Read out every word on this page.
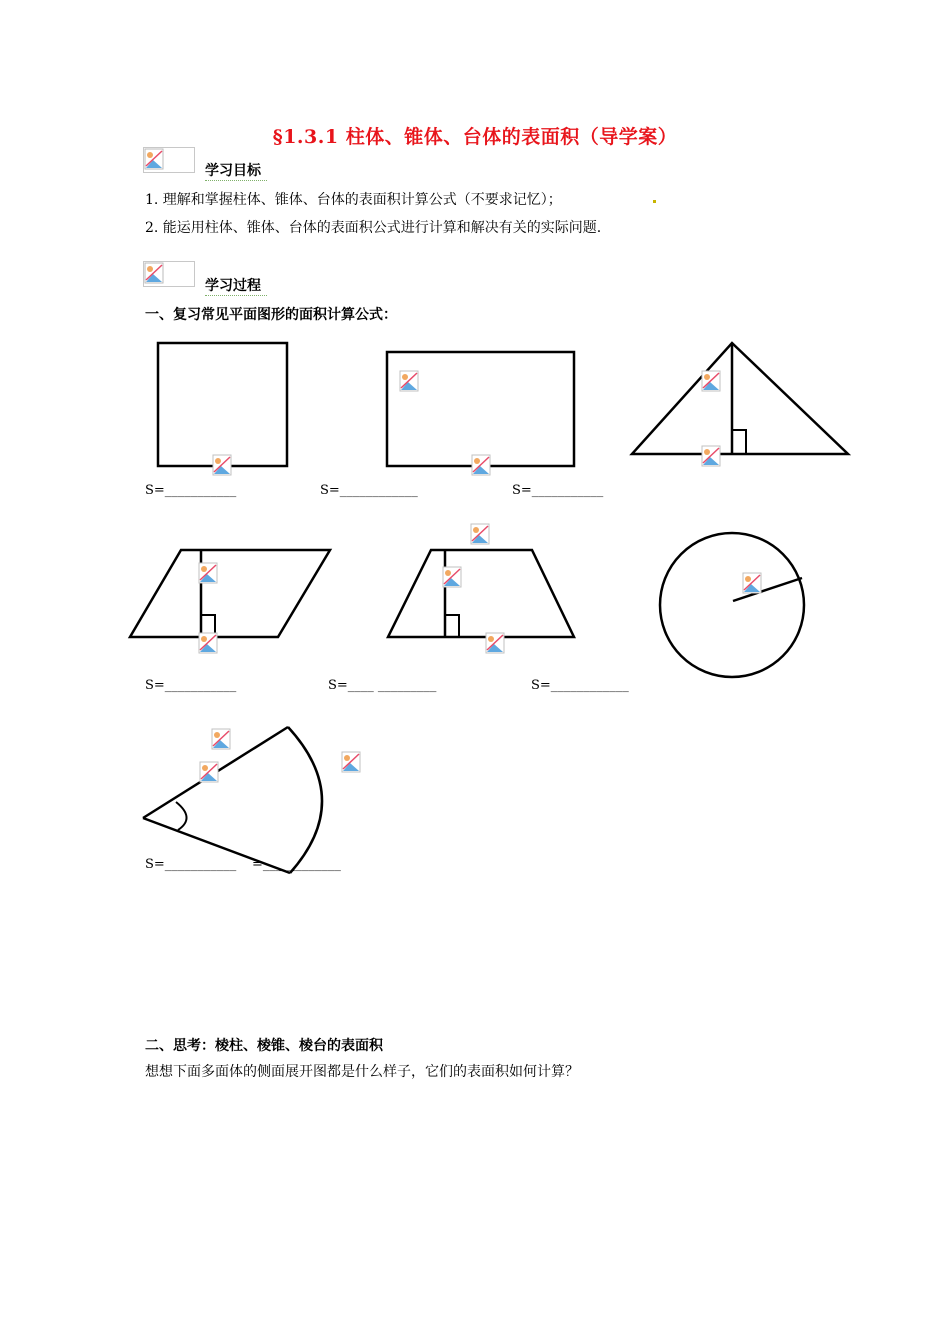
§1.3.1 柱体、锥体、台体的表面积（导学案）
学习目标
1. 理解和掌握柱体、锥体、台体的表面积计算公式（不要求记忆）；
2. 能运用柱体、锥体、台体的表面积公式进行计算和解决有关的实际问题.
学习过程
一、复习常见平面图形的面积计算公式：
S=___________	S=____________	S=___________
S=___________	S=____ _________	S=____________
S=___________ =____________
二、思考：棱柱、棱锥、棱台的表面积
想想下面多面体的侧面展开图都是什么样子，它们的表面积如何计算？
